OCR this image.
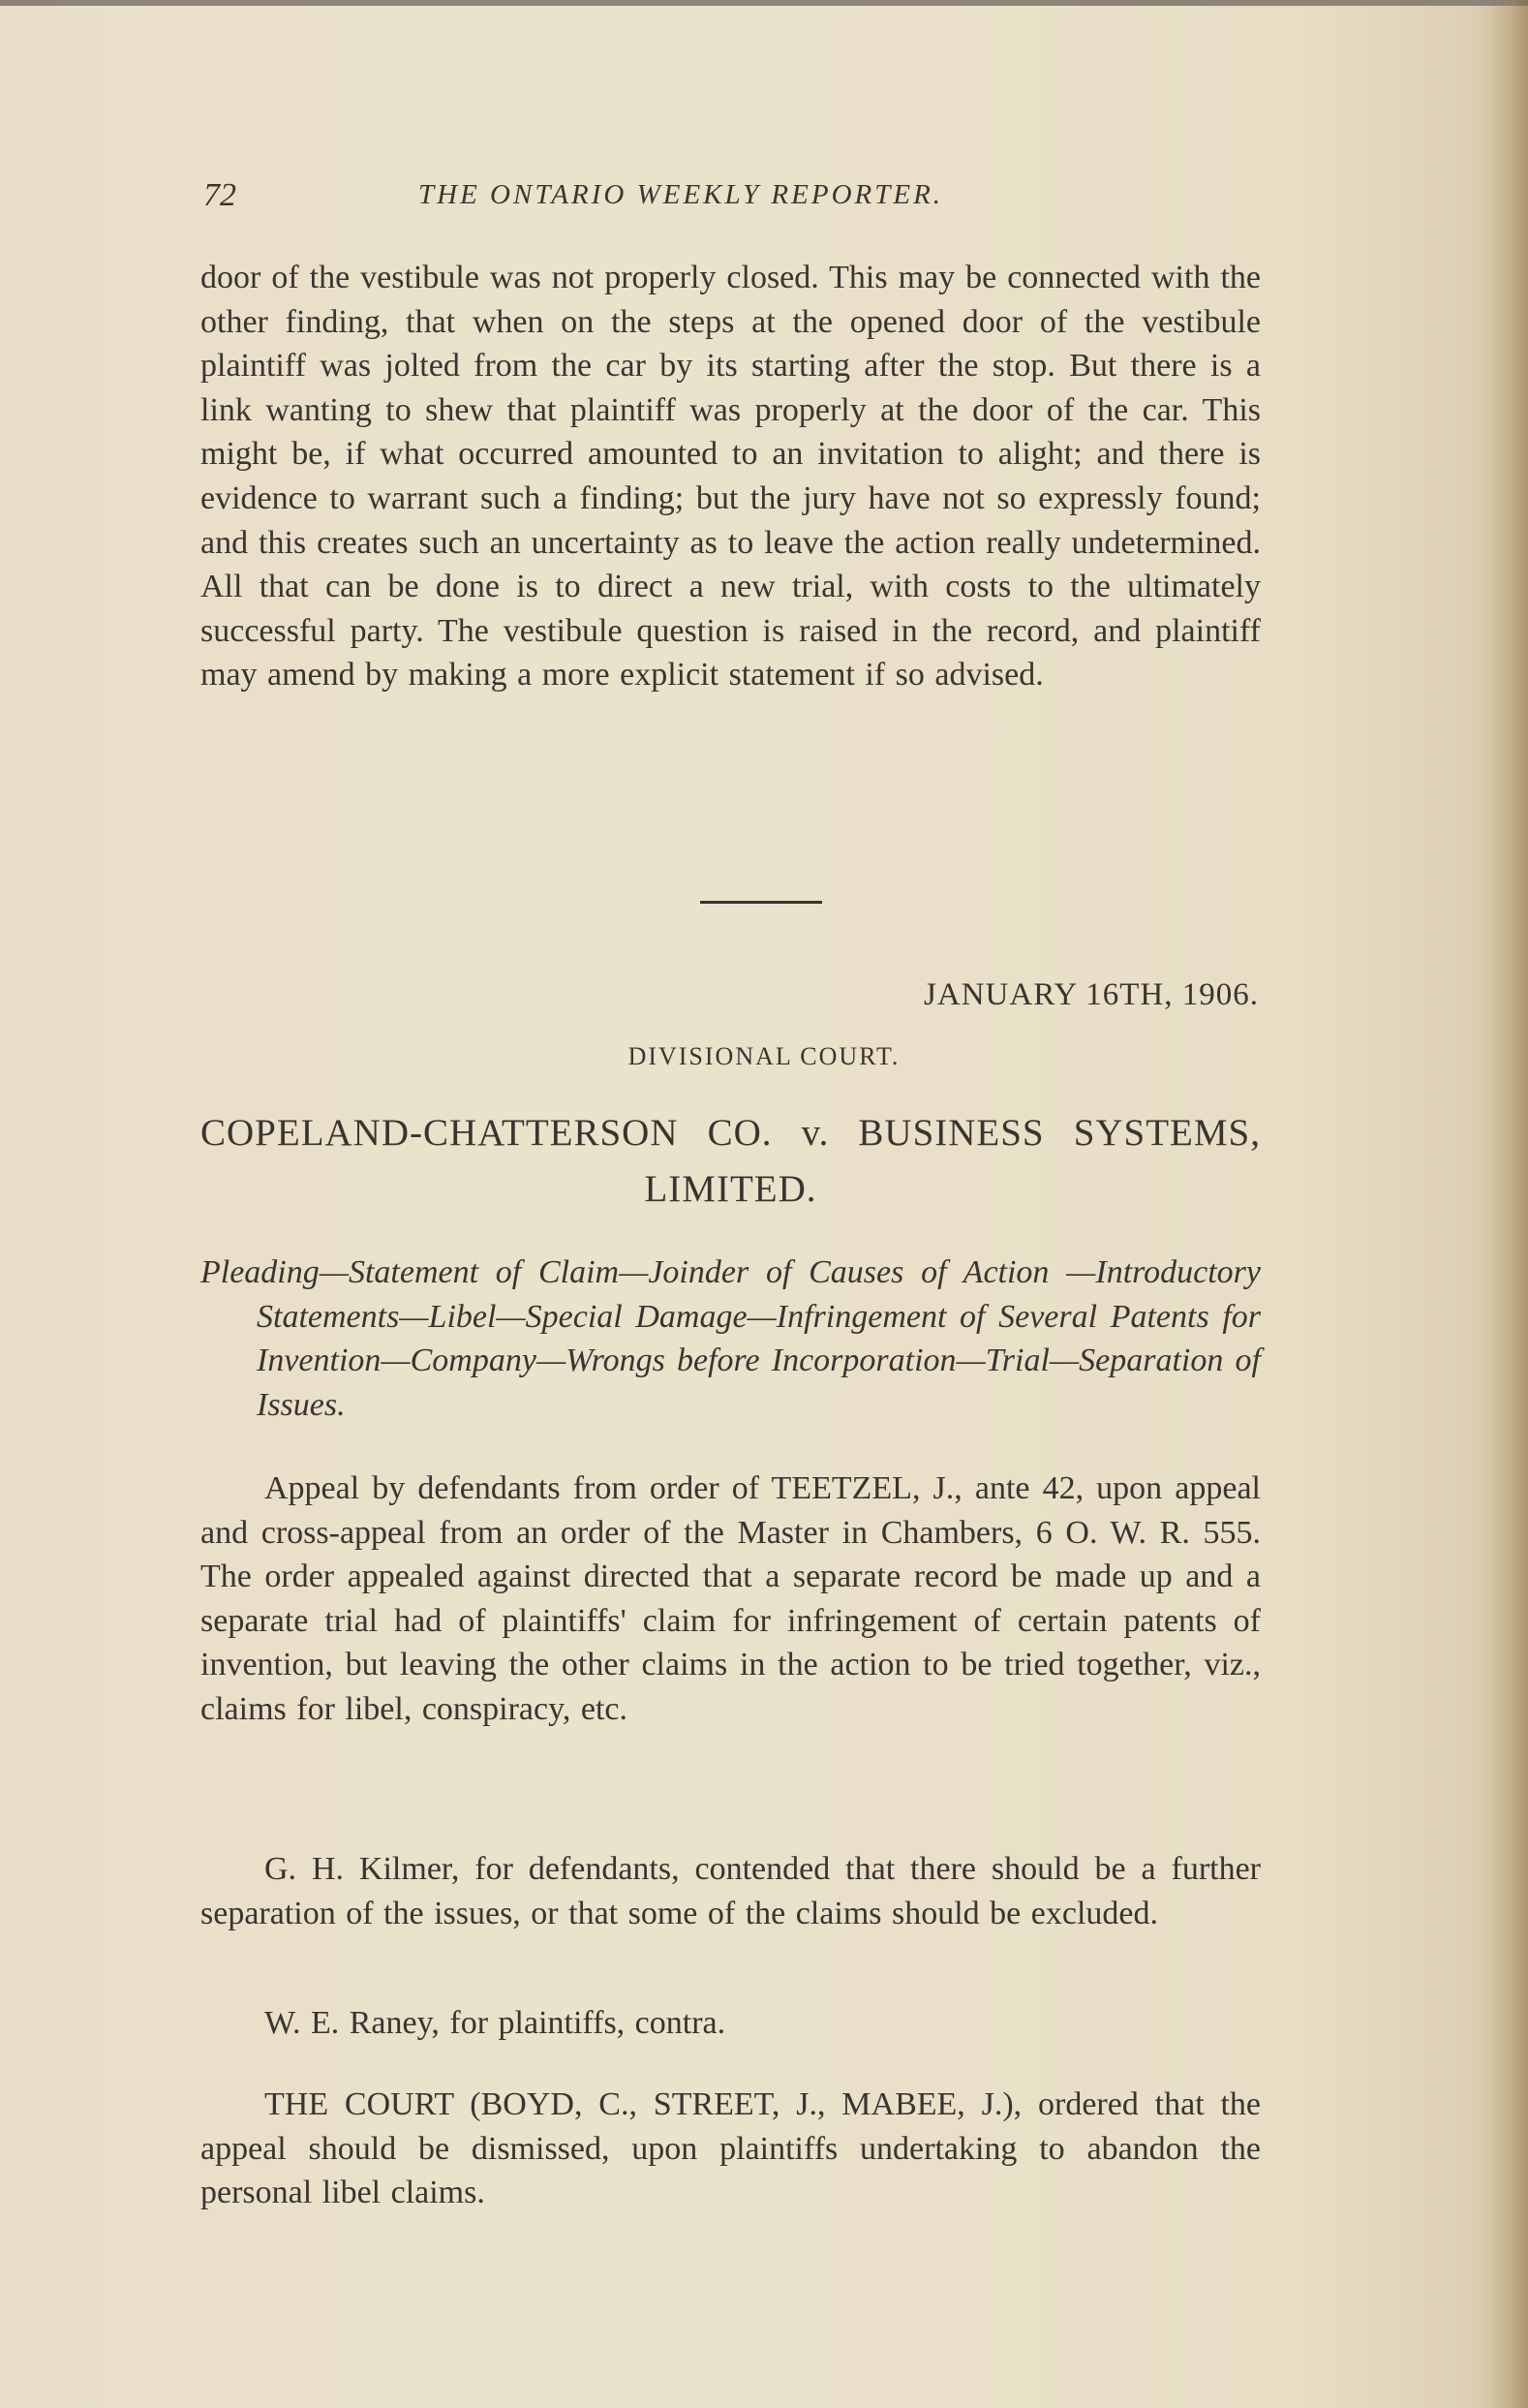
72	THE ONTARIO WEEKLY REPORTER.
door of the vestibule was not properly closed. This may be connected with the other finding, that when on the steps at the opened door of the vestibule plaintiff was jolted from the car by its starting after the stop. But there is a link wanting to shew that plaintiff was properly at the door of the car. This might be, if what occurred amounted to an invitation to alight; and there is evidence to warrant such a finding; but the jury have not so expressly found; and this creates such an uncertainty as to leave the action really undetermined. All that can be done is to direct a new trial, with costs to the ultimately successful party. The vestibule question is raised in the record, and plaintiff may amend by making a more explicit statement if so advised.
JANUARY 16TH, 1906.
DIVISIONAL COURT.
COPELAND-CHATTERSON CO. v. BUSINESS SYSTEMS, LIMITED.
Pleading—Statement of Claim—Joinder of Causes of Action —Introductory Statements—Libel—Special Damage—Infringement of Several Patents for Invention—Company—Wrongs before Incorporation—Trial—Separation of Issues.
Appeal by defendants from order of TEETZEL, J., ante 42, upon appeal and cross-appeal from an order of the Master in Chambers, 6 O. W. R. 555. The order appealed against directed that a separate record be made up and a separate trial had of plaintiffs' claim for infringement of certain patents of invention, but leaving the other claims in the action to be tried together, viz., claims for libel, conspiracy, etc.
G. H. Kilmer, for defendants, contended that there should be a further separation of the issues, or that some of the claims should be excluded.
W. E. Raney, for plaintiffs, contra.
THE COURT (BOYD, C., STREET, J., MABEE, J.), ordered that the appeal should be dismissed, upon plaintiffs undertaking to abandon the personal libel claims.
